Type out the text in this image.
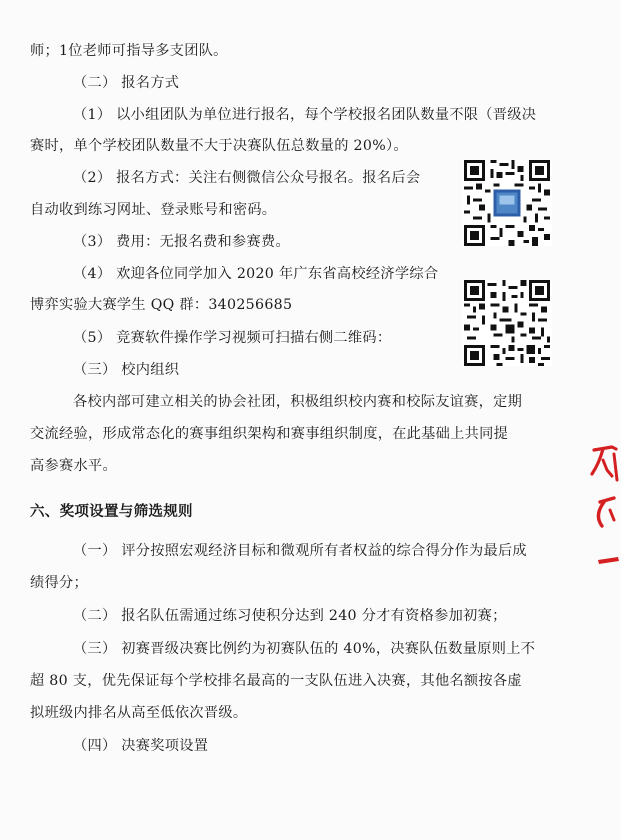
师；1位老师可指导多支团队。
（二） 报名方式
（1） 以小组团队为单位进行报名，每个学校报名团队数量不限（晋级决
赛时，单个学校团队数量不大于决赛队伍总数量的 20%）。
（2） 报名方式：关注右侧微信公众号报名。报名后会
自动收到练习网址、登录账号和密码。
（3） 费用：无报名费和参赛费。
（4） 欢迎各位同学加入 2020 年广东省高校经济学综合
博弈实验大赛学生 QQ 群：340256685
（5） 竞赛软件操作学习视频可扫描右侧二维码：
（三） 校内组织
各校内部可建立相关的协会社团，积极组织校内赛和校际友谊赛，定期
交流经验，形成常态化的赛事组织架构和赛事组织制度，在此基础上共同提
高参赛水平。
六、奖项设置与筛选规则
（一） 评分按照宏观经济目标和微观所有者权益的综合得分作为最后成
绩得分；
（二） 报名队伍需通过练习使积分达到 240 分才有资格参加初赛；
（三） 初赛晋级决赛比例约为初赛队伍的 40%，决赛队伍数量原则上不
超 80 支，优先保证每个学校排名最高的一支队伍进入决赛，其他名额按各虚
拟班级内排名从高至低依次晋级。
（四） 决赛奖项设置
